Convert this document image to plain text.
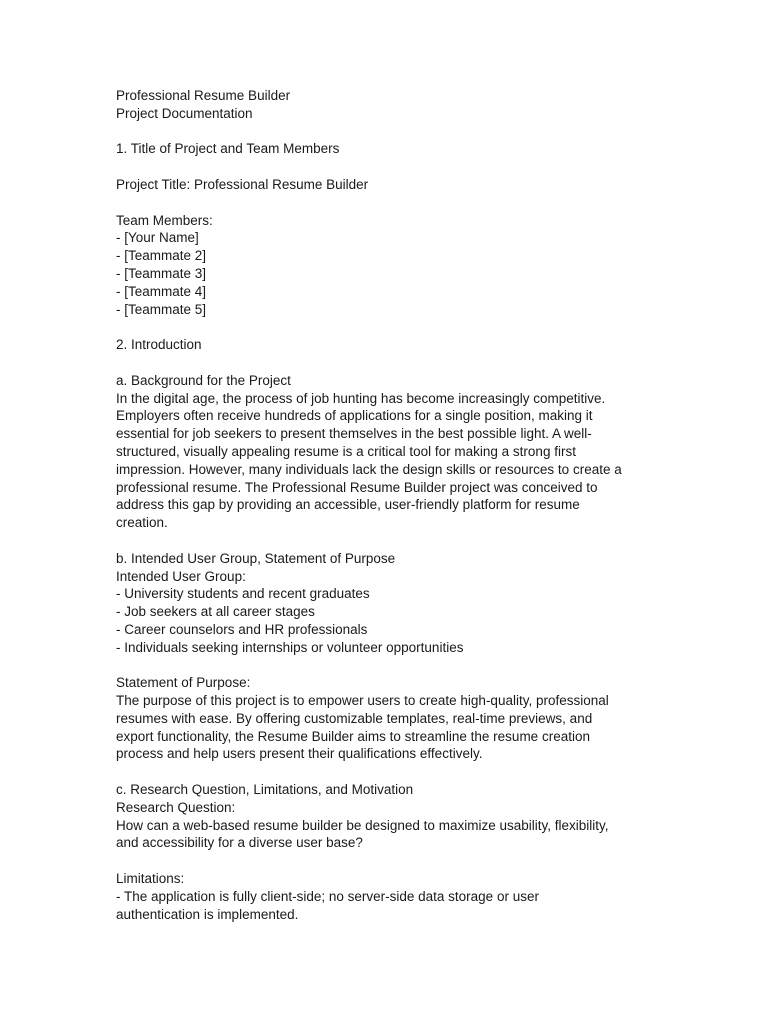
Professional Resume Builder
Project Documentation
1. Title of Project and Team Members
Project Title: Professional Resume Builder
Team Members:
- [Your Name]
- [Teammate 2]
- [Teammate 3]
- [Teammate 4]
- [Teammate 5]
2. Introduction
a. Background for the Project
In the digital age, the process of job hunting has become increasingly competitive.
Employers often receive hundreds of applications for a single position, making it
essential for job seekers to present themselves in the best possible light. A well-
structured, visually appealing resume is a critical tool for making a strong first
impression. However, many individuals lack the design skills or resources to create a
professional resume. The Professional Resume Builder project was conceived to
address this gap by providing an accessible, user-friendly platform for resume
creation.
b. Intended User Group, Statement of Purpose
Intended User Group:
- University students and recent graduates
- Job seekers at all career stages
- Career counselors and HR professionals
- Individuals seeking internships or volunteer opportunities
Statement of Purpose:
The purpose of this project is to empower users to create high-quality, professional
resumes with ease. By offering customizable templates, real-time previews, and
export functionality, the Resume Builder aims to streamline the resume creation
process and help users present their qualifications effectively.
c. Research Question, Limitations, and Motivation
Research Question:
How can a web-based resume builder be designed to maximize usability, flexibility,
and accessibility for a diverse user base?
Limitations:
- The application is fully client-side; no server-side data storage or user
authentication is implemented.
